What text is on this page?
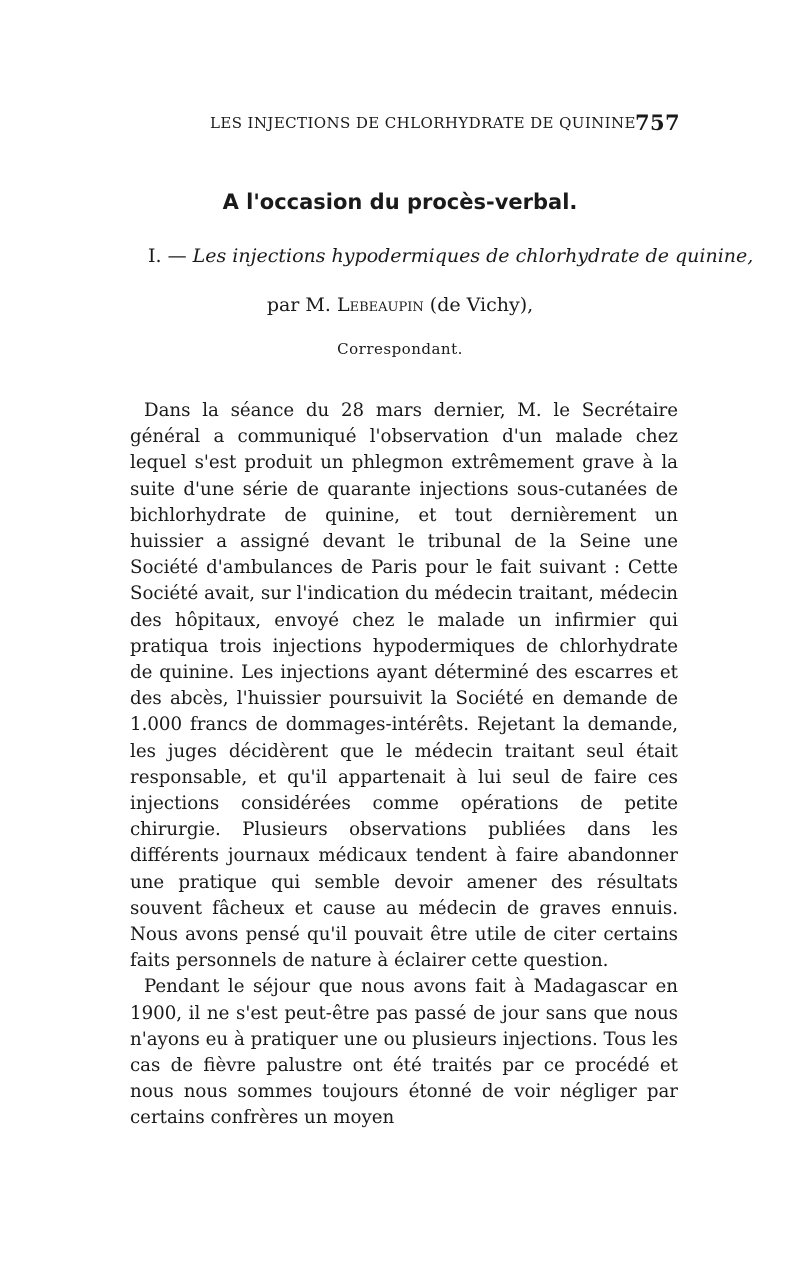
LES INJECTIONS DE CHLORHYDRATE DE QUININE 757
A l'occasion du procès-verbal.
I. — Les injections hypodermiques de chlorhydrate de quinine,
par M. Lebeaupin (de Vichy),
Correspondant.

Dans la séance du 28 mars dernier, M. le Secrétaire général a communiqué l'observation d'un malade chez lequel s'est produit un phlegmon extrêmement grave à la suite d'une série de quarante injections sous-cutanées de bichlorhydrate de quinine, et tout dernièrement un huissier a assigné devant le tribunal de la Seine une Société d'ambulances de Paris pour le fait suivant : Cette Société avait, sur l'indication du médecin traitant, médecin des hôpitaux, envoyé chez le malade un infirmier qui pratiqua trois injections hypodermiques de chlorhydrate de quinine. Les injections ayant déterminé des escarres et des abcès, l'huissier poursuivit la Société en demande de 1.000 francs de dommages-intérêts. Rejetant la demande, les juges décidèrent que le médecin traitant seul était responsable, et qu'il appartenait à lui seul de faire ces injections considérées comme opérations de petite chirurgie. Plusieurs observations publiées dans les différents journaux médicaux tendent à faire abandonner une pratique qui semble devoir amener des résultats souvent fâcheux et cause au médecin de graves ennuis. Nous avons pensé qu'il pouvait être utile de citer certains faits personnels de nature à éclairer cette question.

Pendant le séjour que nous avons fait à Madagascar en 1900, il ne s'est peut-être pas passé de jour sans que nous n'ayons eu à pratiquer une ou plusieurs injections. Tous les cas de fièvre palustre ont été traités par ce procédé et nous nous sommes toujours étonné de voir négliger par certains confrères un moyen
